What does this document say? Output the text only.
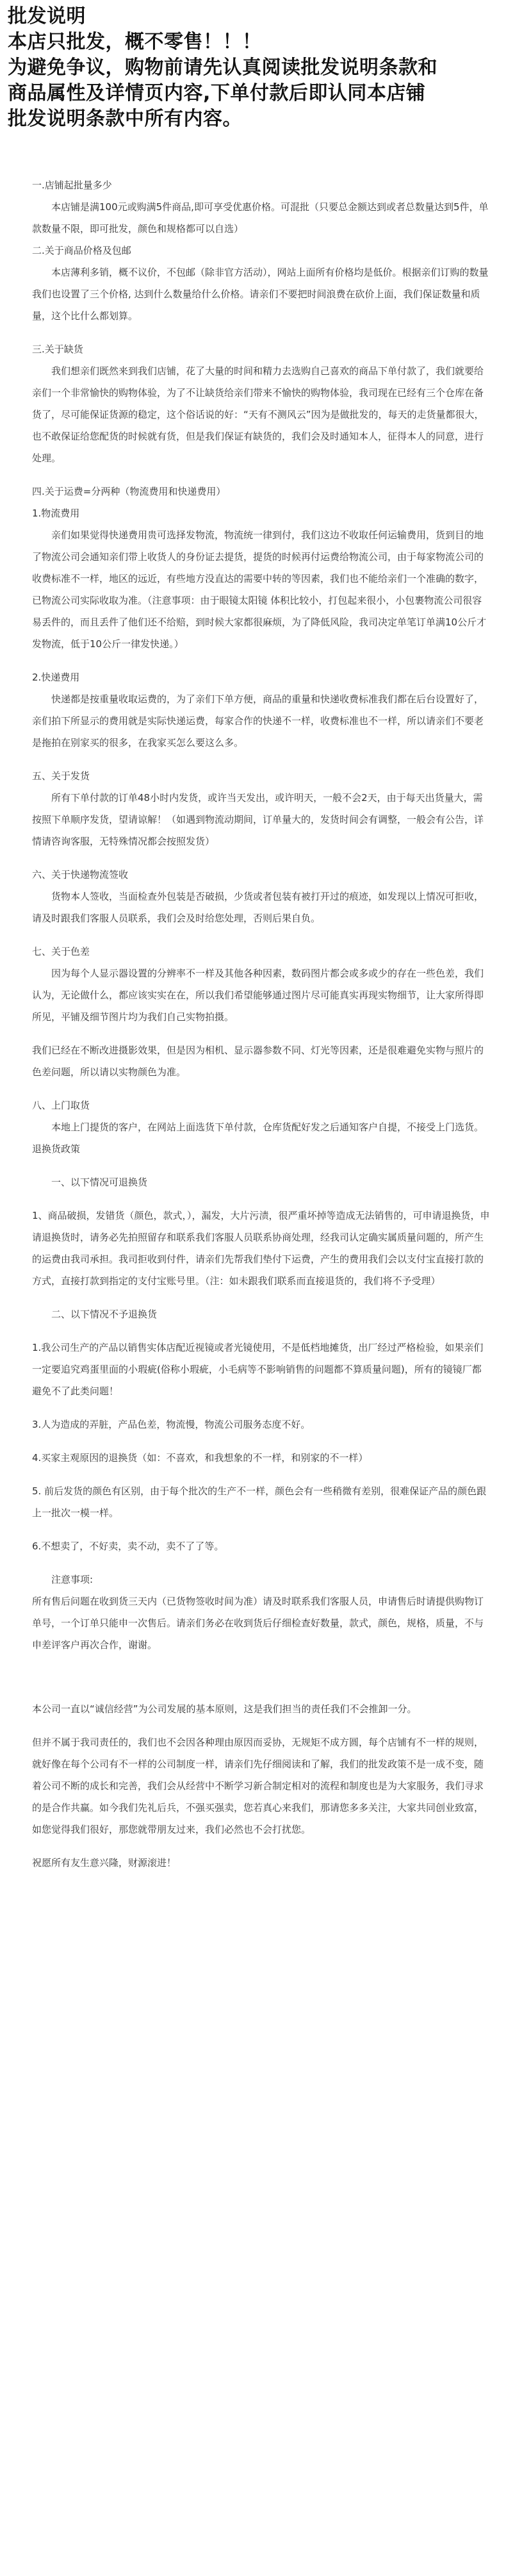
批发说明

本店只批发，概不零售！！！

为避免争议，购物前请先认真阅读批发说明条款和

商品属性及详情页内容,下单付款后即认同本店铺

批发说明条款中所有内容。

一.店铺起批量多少

本店铺是满100元或购满5件商品,即可享受优惠价格。可混批（只要总金额达到或者总数量达到5件，单款数量不限，即可批发，颜色和规格都可以自选）

二.关于商品价格及包邮

本店薄利多销，概不议价，不包邮（除非官方活动），网站上面所有价格均是低价。根据亲们订购的数量我们也设置了三个价格, 达到什么数量给什么价格。请亲们不要把时间浪费在砍价上面，我们保证数量和质量，这个比什么都划算。

三.关于缺货

我们想亲们既然来到我们店铺，花了大量的时间和精力去选购自己喜欢的商品下单付款了，我们就要给亲们一个非常愉快的购物体验，为了不让缺货给亲们带来不愉快的购物体验，我司现在已经有三个仓库在备货了，尽可能保证货源的稳定，这个俗话说的好：“天有不测风云”因为是做批发的，每天的走货量都很大，也不敢保证给您配货的时候就有货，但是我们保证有缺货的，我们会及时通知本人，征得本人的同意，进行处理。

四.关于运费=分两种（物流费用和快递费用）

1.物流费用

亲们如果觉得快递费用贵可选择发物流，物流统一律到付，我们这边不收取任何运输费用，货到目的地了物流公司会通知亲们带上收货人的身份证去提货，提货的时候再付运费给物流公司，由于每家物流公司的收费标准不一样，地区的远近，有些地方没直达的需要中转的等因素，我们也不能给亲们一个准确的数字，已物流公司实际收取为准。（注意事项：由于眼镜太阳镜 体积比较小，打包起来很小，小包裹物流公司很容易丢件的，而且丢件了他们还不给赔，到时候大家都很麻烦，为了降低风险，我司决定单笔订单满10公斤才发物流，低于10公斤一律发快递。）

2.快递费用

快递都是按重量收取运费的，为了亲们下单方便，商品的重量和快递收费标准我们都在后台设置好了，亲们拍下所显示的费用就是实际快递运费，每家合作的快递不一样，收费标准也不一样，所以请亲们不要老是拖拍在别家买的很多，在我家买怎么要这么多。

五、关于发货

所有下单付款的订单48小时内发货，或许当天发出，或许明天，一般不会2天，由于每天出货量大，需按照下单顺序发货，望请谅解！（如遇到物流动期间，订单量大的，发货时间会有调整，一般会有公告，详情请咨询客服，无特殊情况都会按照发货）

六、关于快递物流签收

货物本人签收，当面检查外包装是否破损，少货或者包装有被打开过的痕迹，如发现以上情况可拒收，请及时跟我们客服人员联系，我们会及时给您处理，否则后果自负。

七、关于色差

因为每个人显示器设置的分辨率不一样及其他各种因素，数码图片都会或多或少的存在一些色差，我们认为，无论做什么，都应该实实在在，所以我们希望能够通过图片尽可能真实再现实物细节，让大家所得即所见，平铺及细节图片均为我们自己实物拍摄。

我们已经在不断改进摄影效果，但是因为相机、显示器参数不同、灯光等因素，还是很难避免实物与照片的色差问题，所以请以实物颜色为准。

八、上门取货

本地上门提货的客户，在网站上面选货下单付款，仓库货配好发之后通知客户自提，不接受上门选货。

退换货政策

一、以下情况可退换货

1、商品破损，发错货（颜色，款式，），漏发，大片污渍，很严重坏掉等造成无法销售的，可申请退换货，申请退换货时，请务必先拍照留存和联系我们客服人员联系协商处理，经我司认定确实属质量问题的，所产生的运费由我司承担。我司拒收到付件，请亲们先帮我们垫付下运费，产生的费用我们会以支付宝直接打款的方式，直接打款到指定的支付宝账号里。（注：如未跟我们联系而直接退货的，我们将不予受理）

二、以下情况不予退换货

1.我公司生产的产品以销售实体店配近视镜或者光镜使用，不是低档地摊货，出厂经过严格检验，如果亲们一定要追究鸡蛋里面的小瑕疵(俗称小瑕疵，小毛病等不影响销售的问题都不算质量问题)，所有的镜镜厂都避免不了此类问题！

3.人为造成的弄脏，产品色差，物流慢，物流公司服务态度不好。

4.买家主观原因的退换货（如：不喜欢，和我想象的不一样，和别家的不一样）

5. 前后发货的颜色有区别，由于每个批次的生产不一样，颜色会有一些稍微有差别，很难保证产品的颜色跟上一批次一模一样。

6.不想卖了，不好卖，卖不动，卖不了了等。

注意事项:

所有售后问题在收到货三天内（已货物签收时间为准）请及时联系我们客服人员，申请售后时请提供购物订单号，一个订单只能申一次售后。请亲们务必在收到货后仔细检查好数量，款式，颜色，规格，质量，不与申差评客户再次合作，谢谢。

本公司一直以“诚信经营”为公司发展的基本原则，这是我们担当的责任我们不会推卸一分。

但并不属于我司责任的，我们也不会因各种理由原因而妥协，无规矩不成方圆，每个店铺有不一样的规则，就好像在每个公司有不一样的公司制度一样，请亲们先仔细阅读和了解，我们的批发政策不是一成不变，随着公司不断的成长和完善，我们会从经营中不断学习新合制定相对的流程和制度也是为大家服务，我们寻求的是合作共赢。如今我们先礼后兵，不强买强卖，您若真心来我们，那请您多多关注，大家共同创业致富，如您觉得我们很好，那您就带朋友过来，我们必然也不会打扰您。

祝愿所有友生意兴隆，财源滚进！
